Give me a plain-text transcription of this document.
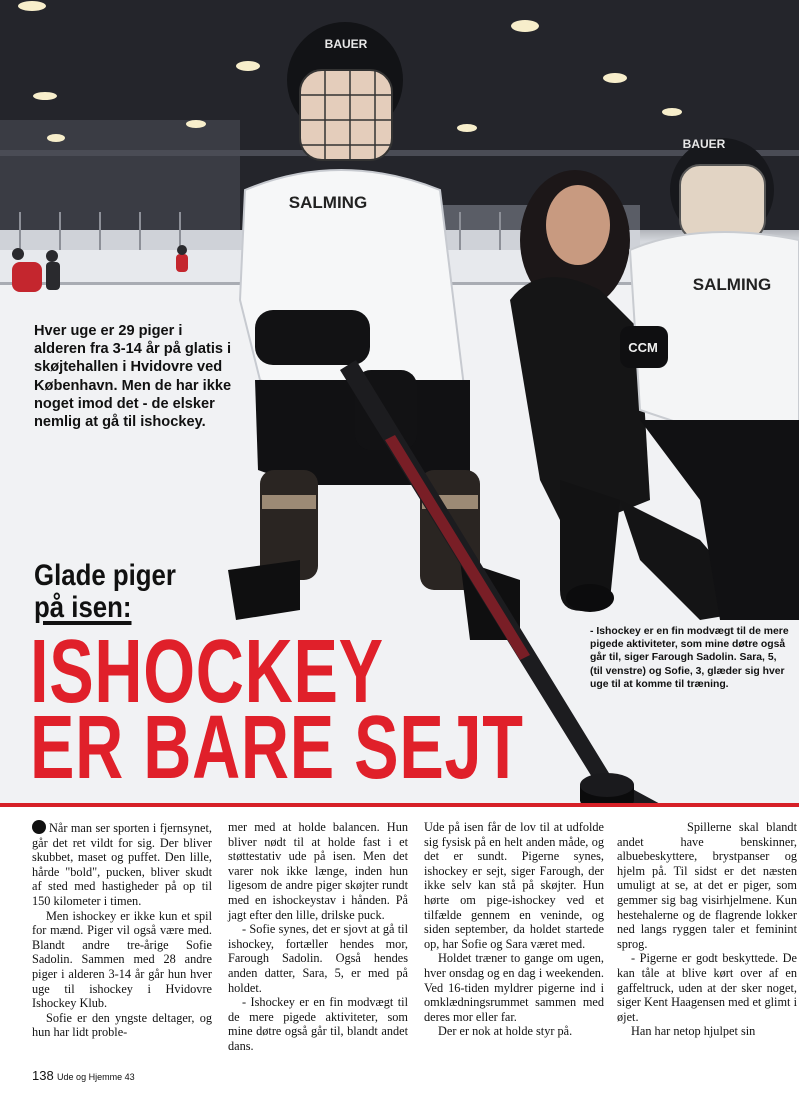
BAUER
SALMING
BAUER
SALMING
CCM
Hver uge er 29 piger i alderen fra 3-14 år på glatis i skøjtehallen i Hvidovre ved København. Men de har ikke noget imod det - de elsker nemlig at gå til ishockey.
- Ishockey er en fin modvægt til de mere pigede aktiviteter, som mine døtre også går til, siger Farough Sadolin. Sara, 5, (til venstre) og Sofie, 3, glæder sig hver uge til at komme til træning.
Glade piger
på isen:
ISHOCKEY
ER BARE SEJT

Når man ser sporten i fjernsynet, går det ret vildt for sig. Der bliver skubbet, maset og puffet. Den lille, hårde "bold", pucken, bliver skudt af sted med hastigheder på op til 150 kilometer i timen.

Men ishockey er ikke kun et spil for mænd. Piger vil også være med. Blandt andre tre-årige Sofie Sadolin. Sammen med 28 andre piger i alderen 3-14 år går hun hver uge til ishockey i Hvidovre Ishockey Klub.

Sofie er den yngste deltager, og hun har lidt proble-

mer med at holde balancen. Hun bliver nødt til at holde fast i et støttestativ ude på isen. Men det varer nok ikke længe, inden hun ligesom de andre piger skøjter rundt med en ishockeystav i hånden. På jagt efter den lille, drilske puck.

- Sofie synes, det er sjovt at gå til ishockey, fortæller hendes mor, Farough Sadolin. Også hendes anden datter, Sara, 5, er med på holdet.

- Ishockey er en fin modvægt til de mere pigede aktiviteter, som mine døtre også går til, blandt andet dans.

Ude på isen får de lov til at udfolde sig fysisk på en helt anden måde, og det er sundt. Pigerne synes, ishockey er sejt, siger Farough, der ikke selv kan stå på skøjter. Hun hørte om pige-ishockey ved et tilfælde gennem en veninde, og siden september, da holdet startede op, har Sofie og Sara været med.

Holdet træner to gange om ugen, hver onsdag og en dag i weekenden. Ved 16-tiden myldrer pigerne ind i omklædningsrummet sammen med deres mor eller far.

Der er nok at holde styr på.

Spillerne skal blandt andet have benskinner, albuebeskyttere, brystpanser og hjelm på. Til sidst er det næsten umuligt at se, at det er piger, som gemmer sig bag visirhjelmene. Kun hestehalerne og de flagrende lokker ned langs ryggen taler et feminint sprog.

- Pigerne er godt beskyttede. De kan tåle at blive kørt over af en gaffeltruck, uden at der sker noget, siger Kent Haagensen med et glimt i øjet.

Han har netop hjulpet sin

138 Ude og Hjemme 43
